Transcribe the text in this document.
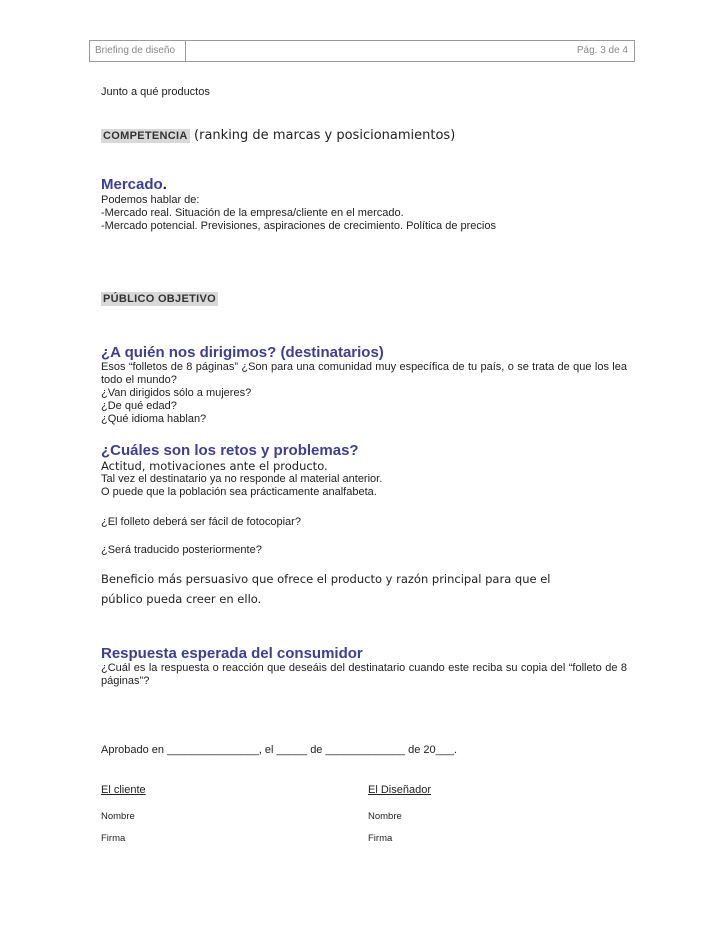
Briefing de diseño	Pág. 3 de 4
Junto a qué productos
COMPETENCIA (ranking de marcas y posicionamientos)
Mercado.
Podemos hablar de:
-Mercado real. Situación de la empresa/cliente en el mercado.
-Mercado potencial. Previsiones, aspiraciones de crecimiento. Política de precios
PÚBLICO OBJETIVO
¿A quién nos dirigimos? (destinatarios)
Esos “folletos de 8 páginas” ¿Son para una comunidad muy específica de tu país, o se trata de que los lea todo el mundo?
¿Van dirigidos sólo a mujeres?
¿De qué edad?
¿Qué idioma hablan?
¿Cuáles son los retos y problemas?
Actitud, motivaciones ante el producto.
Tal vez el destinatario ya no responde al material anterior.
O puede que la población sea prácticamente analfabeta.
¿El folleto deberá ser fácil de fotocopiar?
¿Será traducido posteriormente?
Beneficio más persuasivo que ofrece el producto y razón principal para que el
público pueda creer en ello.
Respuesta esperada del consumidor
¿Cuál es la respuesta o reacción que deseáis del destinatario cuando este reciba su copia del “folleto de 8 páginas”?
Aprobado en _______________, el _____ de _____________ de 20___.
El cliente
Nombre
Firma
El Diseñador
Nombre
Firma
